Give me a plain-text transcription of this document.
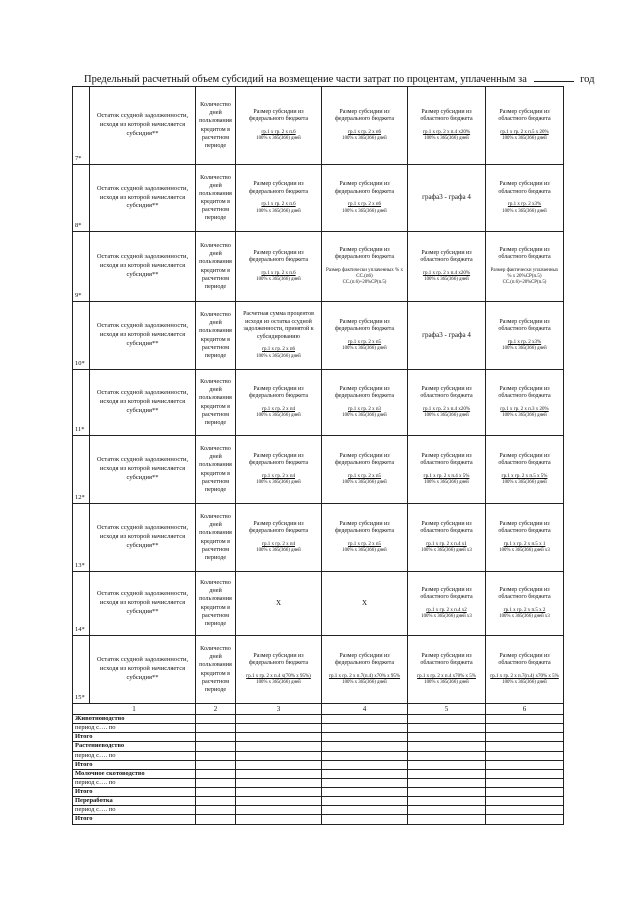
Предельный расчетный объем субсидий на возмещение части затрат по процентам, уплаченным за	год
7*	Остаток ссудной задолженности, исходя из которой начисляется субсидия**	Количество дней пользования кредитом в расчетном периоде	Размер субсидии из федерального бюджета
гр.1 х гр. 2 х п.6
100% х 365(366) дней	Размер субсидии из федерального бюджета
гр.1 х гр. 2 х п6
100% х 365(366) дней	Размер субсидии из областного бюджета
гр.1 х гр. 2 х п.4 х20%
100% х 365(366) дней	Размер субсидии из областного бюджета
гр.1 х гр. 2 х п.5 х 20%
100% х 365(366) дней

8*	Остаток ссудной задолженности, исходя из которой начисляется субсидия**	Количество дней пользования кредитом в расчетном периоде	Размер субсидии из федерального бюджета
гр.1 х гр. 2 х п.6
100% х 365(366) дней	Размер субсидии из федерального бюджета
гр.1 х гр. 2 х п6
100% х 365(366) дней	графа3 - графа 4	Размер субсидии из областного бюджета
гр.1 х гр. 2 х3%
100% х 365(366) дней

9*	Остаток ссудной задолженности, исходя из которой начисляется субсидия**	Количество дней пользования кредитом в расчетном периоде	Размер субсидии из федерального бюджета
гр.1 х гр. 2 х п.6
100% х 365(366) дней	Размер субсидии из федерального бюджета
Размер фактически уплаченных % х СС.(п6)
СС.(п.6)+20%СР(п.5)	Размер субсидии из областного бюджета
гр.1 х гр. 2 х п.4 х20%
100% х 365(366) дней	Размер субсидии из областного бюджета
Размер фактически уплаченных % х 20%СР(п.5)
СС.(п.6)+20%СР(п.5)

10*	Остаток ссудной задолженности, исходя из которой начисляется субсидия**	Количество дней пользования кредитом в расчетном периоде	Расчетная сумма процентов исходя из остатка ссудной задолженности, принятой к субсидированию
гр.1 х гр. 2 х п6
100% х 365(366) дней	Размер субсидии из федерального бюджета
гр.1 х гр. 2 х п5
100% х 365(366) дней	графа3 - графа 4	Размер субсидии из областного бюджета
гр.1 х гр. 2 х3%
100% х 365(366) дней

11*	Остаток ссудной задолженности, исходя из которой начисляется субсидия**	Количество дней пользования кредитом в расчетном периоде	Размер субсидии из федерального бюджета
гр.1 х гр. 2 х п4
100% х 365(366) дней	Размер субсидии из федерального бюджета
гр.1 х гр. 2 х п3
100% х 365(366) дней	Размер субсидии из областного бюджета
гр.1 х гр. 2 х п.4 х20%
100% х 365(366) дней	Размер субсидии из областного бюджета
гр.1 х гр. 2 х п.3 х 20%
100% х 365(366) дней

12*	Остаток ссудной задолженности, исходя из которой начисляется субсидия**	Количество дней пользования кредитом в расчетном периоде	Размер субсидии из федерального бюджета
гр.1 х гр. 2 х п4
100% х 365(366) дней	Размер субсидии из федерального бюджета
гр.1 х гр. 2 х п5
100% х 365(366) дней	Размер субсидии из областного бюджета
гр.1 х гр. 2 х п.4 х 5%
100% х 365(366) дней	Размер субсидии из областного бюджета
гр.1 х гр. 2 х п.5 х 5%
100% х 365(366) дней

13*	Остаток ссудной задолженности, исходя из которой начисляется субсидия**	Количество дней пользования кредитом в расчетном периоде	Размер субсидии из федерального бюджета
гр.1 х гр. 2 х п4
100% х 365(366) дней	Размер субсидии из федерального бюджета
гр.1 х гр. 2 х п5
100% х 365(366) дней	Размер субсидии из областного бюджета
гр.1 х гр. 2 х п.4 х1
100% х 365(366) дней х3	Размер субсидии из областного бюджета
гр.1 х гр. 2 х п.5 х 1
100% х 365(366) дней х3

14*	Остаток ссудной задолженности, исходя из которой начисляется субсидия**	Количество дней пользования кредитом в расчетном периоде	Х	Х	Размер субсидии из областного бюджета
гр.1 х гр. 2 х п.4 х2
100% х 365(366) дней х3	Размер субсидии из областного бюджета
гр.1 х гр. 2 х п.5 х 2
100% х 365(366) дней х3

15*	Остаток ссудной задолженности, исходя из которой начисляется субсидия**	Количество дней пользования кредитом в расчетном периоде	Размер субсидии из федерального бюджета
гр.1 х гр. 2 х п.4 х(70% х 95%)
100% х 365(366) дней	Размер субсидии из федерального бюджета
гр.1 х гр. 2 х п.7(п.4) х70% х 95%
100% х 365(366) дней	Размер субсидии из областного бюджета
гр.1 х гр. 2 х п.4 х70% х 5%
100% х 365(366) дней	Размер субсидии из областного бюджета
гр.1 х гр. 2 х п.7(п.4) х70% х 5%
100% х 365(366) дней

1		2	3	4	5	6
Животноводство						
период с…. по						
Итого						
Растениеводство						
период с…. по						
Итого						
Молочное скотоводство						
период с…. по						
Итого						
Переработка						
период с…. по						
Итого						
